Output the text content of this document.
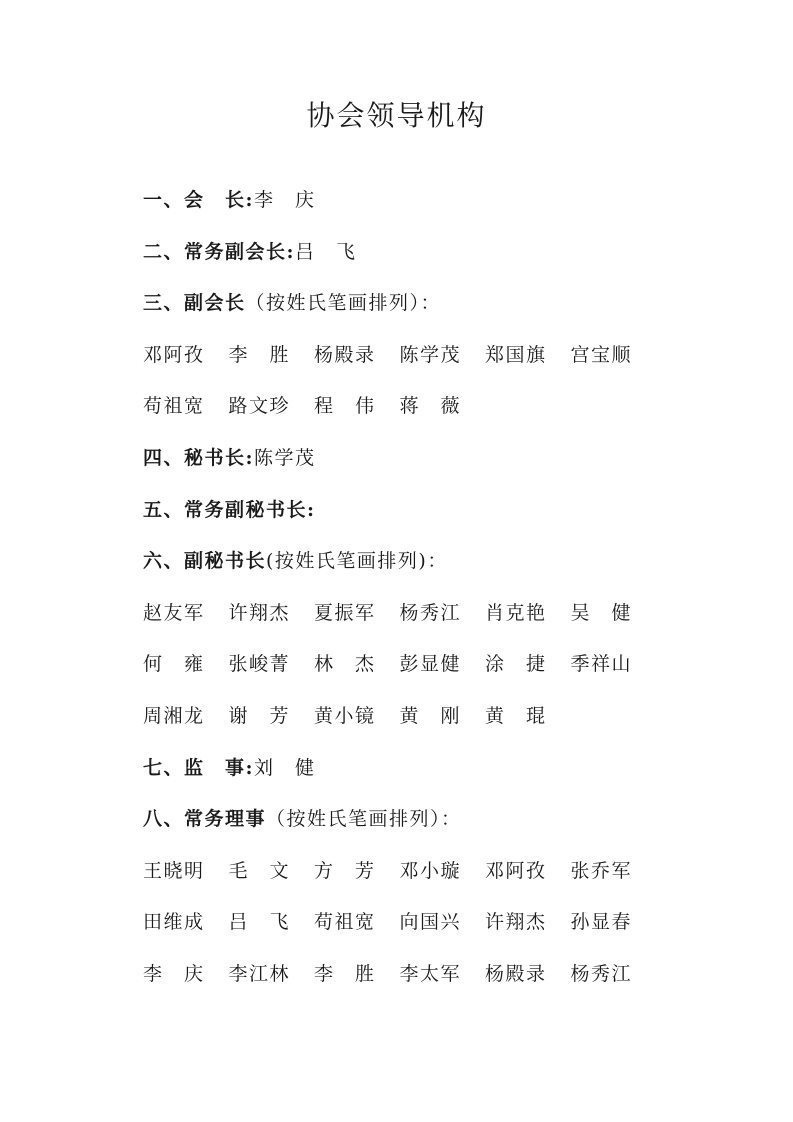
协会领导机构
一、会　长:李　庆
二、常务副会长:吕　飞
三、副会长（按姓氏笔画排列）：
邓阿孜	李　胜	杨殿录	陈学茂	郑国旗	宫宝顺
苟祖宽	路文珍	程　伟	蒋　薇
四、秘书长:陈学茂
五、常务副秘书长:
六、副秘书长(按姓氏笔画排列)：
赵友军	许翔杰	夏振军	杨秀江	肖克艳	吴　健
何　雍	张峻菁	林　杰	彭显健	涂　捷	季祥山
周湘龙	谢　芳	黄小镜	黄　刚	黄　琨
七、监　事:刘　健
八、常务理事（按姓氏笔画排列）：
王晓明	毛　文	方　芳	邓小璇	邓阿孜	张乔军
田维成	吕　飞	苟祖宽	向国兴	许翔杰	孙显春
李　庆	李江林	李　胜	李太军	杨殿录	杨秀江
